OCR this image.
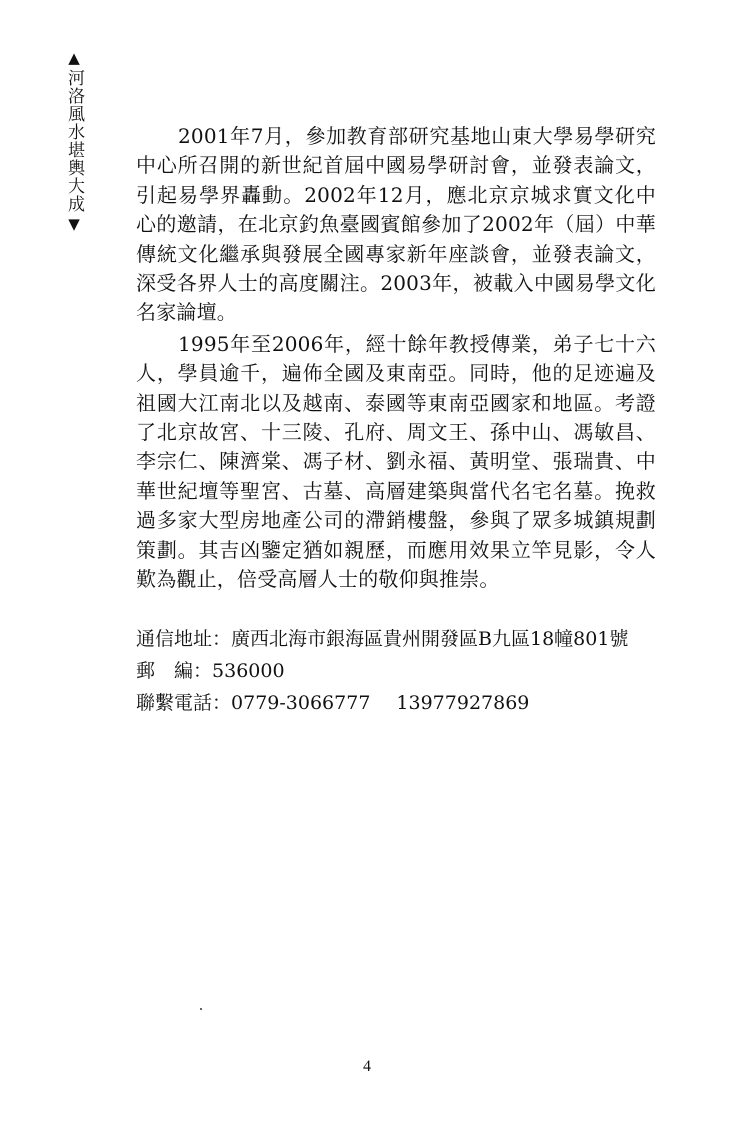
▲
河洛風水堪輿大成
▼

2001年7月，參加教育部研究基地山東大學易學研究中心所召開的新世紀首屆中國易學研討會，並發表論文，引起易學界轟動。2002年12月，應北京京城求實文化中心的邀請，在北京釣魚臺國賓館參加了2002年（屆）中華傳統文化繼承與發展全國專家新年座談會，並發表論文，深受各界人士的高度關注。2003年，被載入中國易學文化名家論壇。

1995年至2006年，經十餘年教授傳業，弟子七十六人，學員逾千，遍佈全國及東南亞。同時，他的足迹遍及祖國大江南北以及越南、泰國等東南亞國家和地區。考證了北京故宮、十三陵、孔府、周文王、孫中山、馮敏昌、李宗仁、陳濟棠、馮子材、劉永福、黃明堂、張瑞貴、中華世紀壇等聖宮、古墓、高層建築與當代名宅名墓。挽救過多家大型房地產公司的滯銷樓盤，參與了眾多城鎮規劃策劃。其吉凶鑒定猶如親歷，而應用效果立竿見影，令人歎為觀止，倍受高層人士的敬仰與推崇。

通信地址：廣西北海市銀海區貴州開發區B九區18幢801號
郵　編：536000
聯繫電話：0779-3066777 13977927869
4
